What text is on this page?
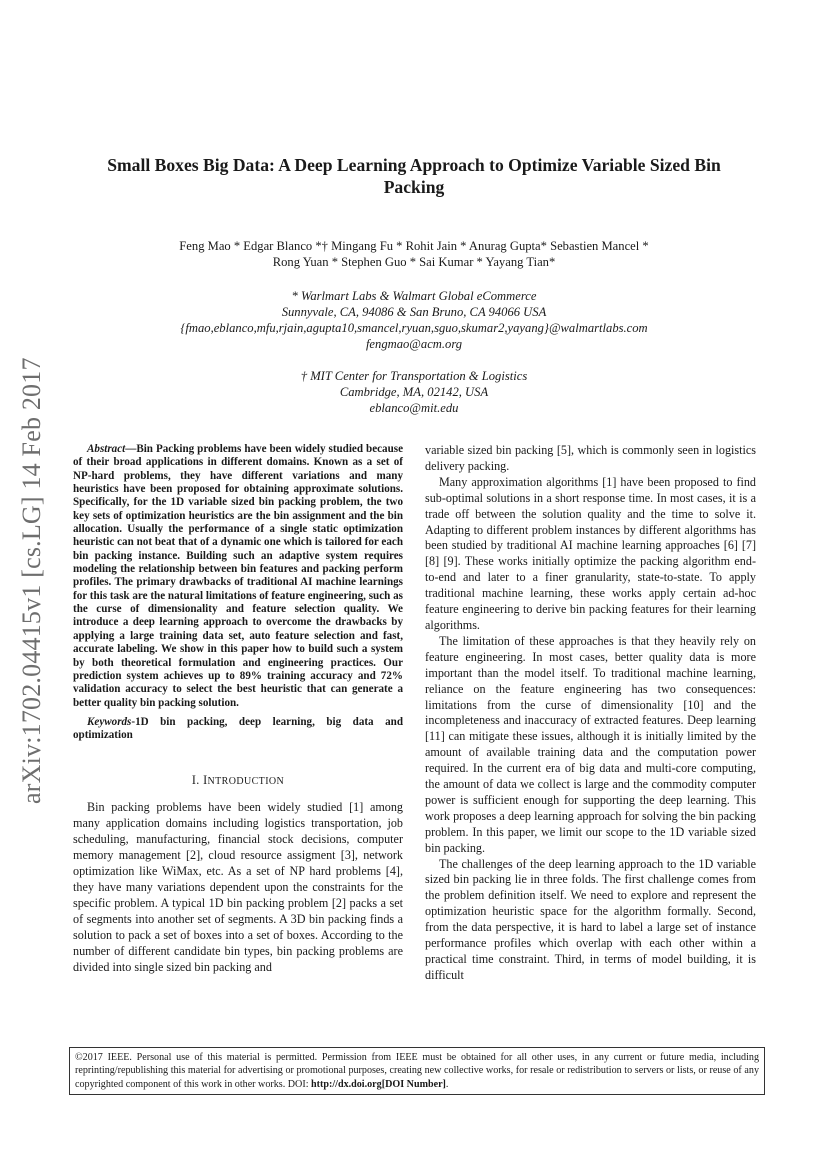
arXiv:1702.04415v1 [cs.LG] 14 Feb 2017
Small Boxes Big Data: A Deep Learning Approach to Optimize Variable Sized Bin
Packing
Feng Mao * Edgar Blanco *† Mingang Fu * Rohit Jain * Anurag Gupta* Sebastien Mancel *
Rong Yuan * Stephen Guo * Sai Kumar * Yayang Tian*
* Warlmart Labs & Walmart Global eCommerce
Sunnyvale, CA, 94086 & San Bruno, CA 94066 USA
{fmao,eblanco,mfu,rjain,agupta10,smancel,ryuan,sguo,skumar2,yayang}@walmartlabs.com
fengmao@acm.org
† MIT Center for Transportation & Logistics
Cambridge, MA, 02142, USA
eblanco@mit.edu

Abstract—Bin Packing problems have been widely studied because of their broad applications in different domains. Known as a set of NP-hard problems, they have different variations and many heuristics have been proposed for obtaining approximate solutions. Specifically, for the 1D variable sized bin packing problem, the two key sets of optimization heuristics are the bin assignment and the bin allocation. Usually the performance of a single static optimization heuristic can not beat that of a dynamic one which is tailored for each bin packing instance. Building such an adaptive system requires modeling the relationship between bin features and packing perform profiles. The primary drawbacks of traditional AI machine learnings for this task are the natural limitations of feature engineering, such as the curse of dimensionality and feature selection quality. We introduce a deep learning approach to overcome the drawbacks by applying a large training data set, auto feature selection and fast, accurate labeling. We show in this paper how to build such a system by both theoretical formulation and engineering practices. Our prediction system achieves up to 89% training accuracy and 72% validation accuracy to select the best heuristic that can generate a better quality bin packing solution.

Keywords-1D bin packing, deep learning, big data and optimization

I. INTRODUCTION

Bin packing problems have been widely studied [1] among many application domains including logistics transportation, job scheduling, manufacturing, financial stock decisions, computer memory management [2], cloud resource assigment [3], network optimization like WiMax, etc. As a set of NP hard problems [4], they have many variations dependent upon the constraints for the specific problem. A typical 1D bin packing problem [2] packs a set of segments into another set of segments. A 3D bin packing finds a solution to pack a set of boxes into a set of boxes. According to the number of different candidate bin types, bin packing problems are divided into single sized bin packing and

variable sized bin packing [5], which is commonly seen in logistics delivery packing.

Many approximation algorithms [1] have been proposed to find sub-optimal solutions in a short response time. In most cases, it is a trade off between the solution quality and the time to solve it. Adapting to different problem instances by different algorithms has been studied by traditional AI machine learning approaches [6] [7] [8] [9]. These works initially optimize the packing algorithm end-to-end and later to a finer granularity, state-to-state. To apply traditional machine learning, these works apply certain ad-hoc feature engineering to derive bin packing features for their learning algorithms.

The limitation of these approaches is that they heavily rely on feature engineering. In most cases, better quality data is more important than the model itself. To traditional machine learning, reliance on the feature engineering has two consequences: limitations from the curse of dimensionality [10] and the incompleteness and inaccuracy of extracted features. Deep learning [11] can mitigate these issues, although it is initially limited by the amount of available training data and the computation power required. In the current era of big data and multi-core computing, the amount of data we collect is large and the commodity computer power is sufficient enough for supporting the deep learning. This work proposes a deep learning approach for solving the bin packing problem. In this paper, we limit our scope to the 1D variable sized bin packing.

The challenges of the deep learning approach to the 1D variable sized bin packing lie in three folds. The first challenge comes from the problem definition itself. We need to explore and represent the optimization heuristic space for the algorithm formally. Second, from the data perspective, it is hard to label a large set of instance performance profiles which overlap with each other within a practical time constraint. Third, in terms of model building, it is difficult

©2017 IEEE. Personal use of this material is permitted. Permission from IEEE must be obtained for all other uses, in any current or future media, including reprinting/republishing this material for advertising or promotional purposes, creating new collective works, for resale or redistribution to servers or lists, or reuse of any copyrighted component of this work in other works. DOI: http://dx.doi.org[DOI Number].
